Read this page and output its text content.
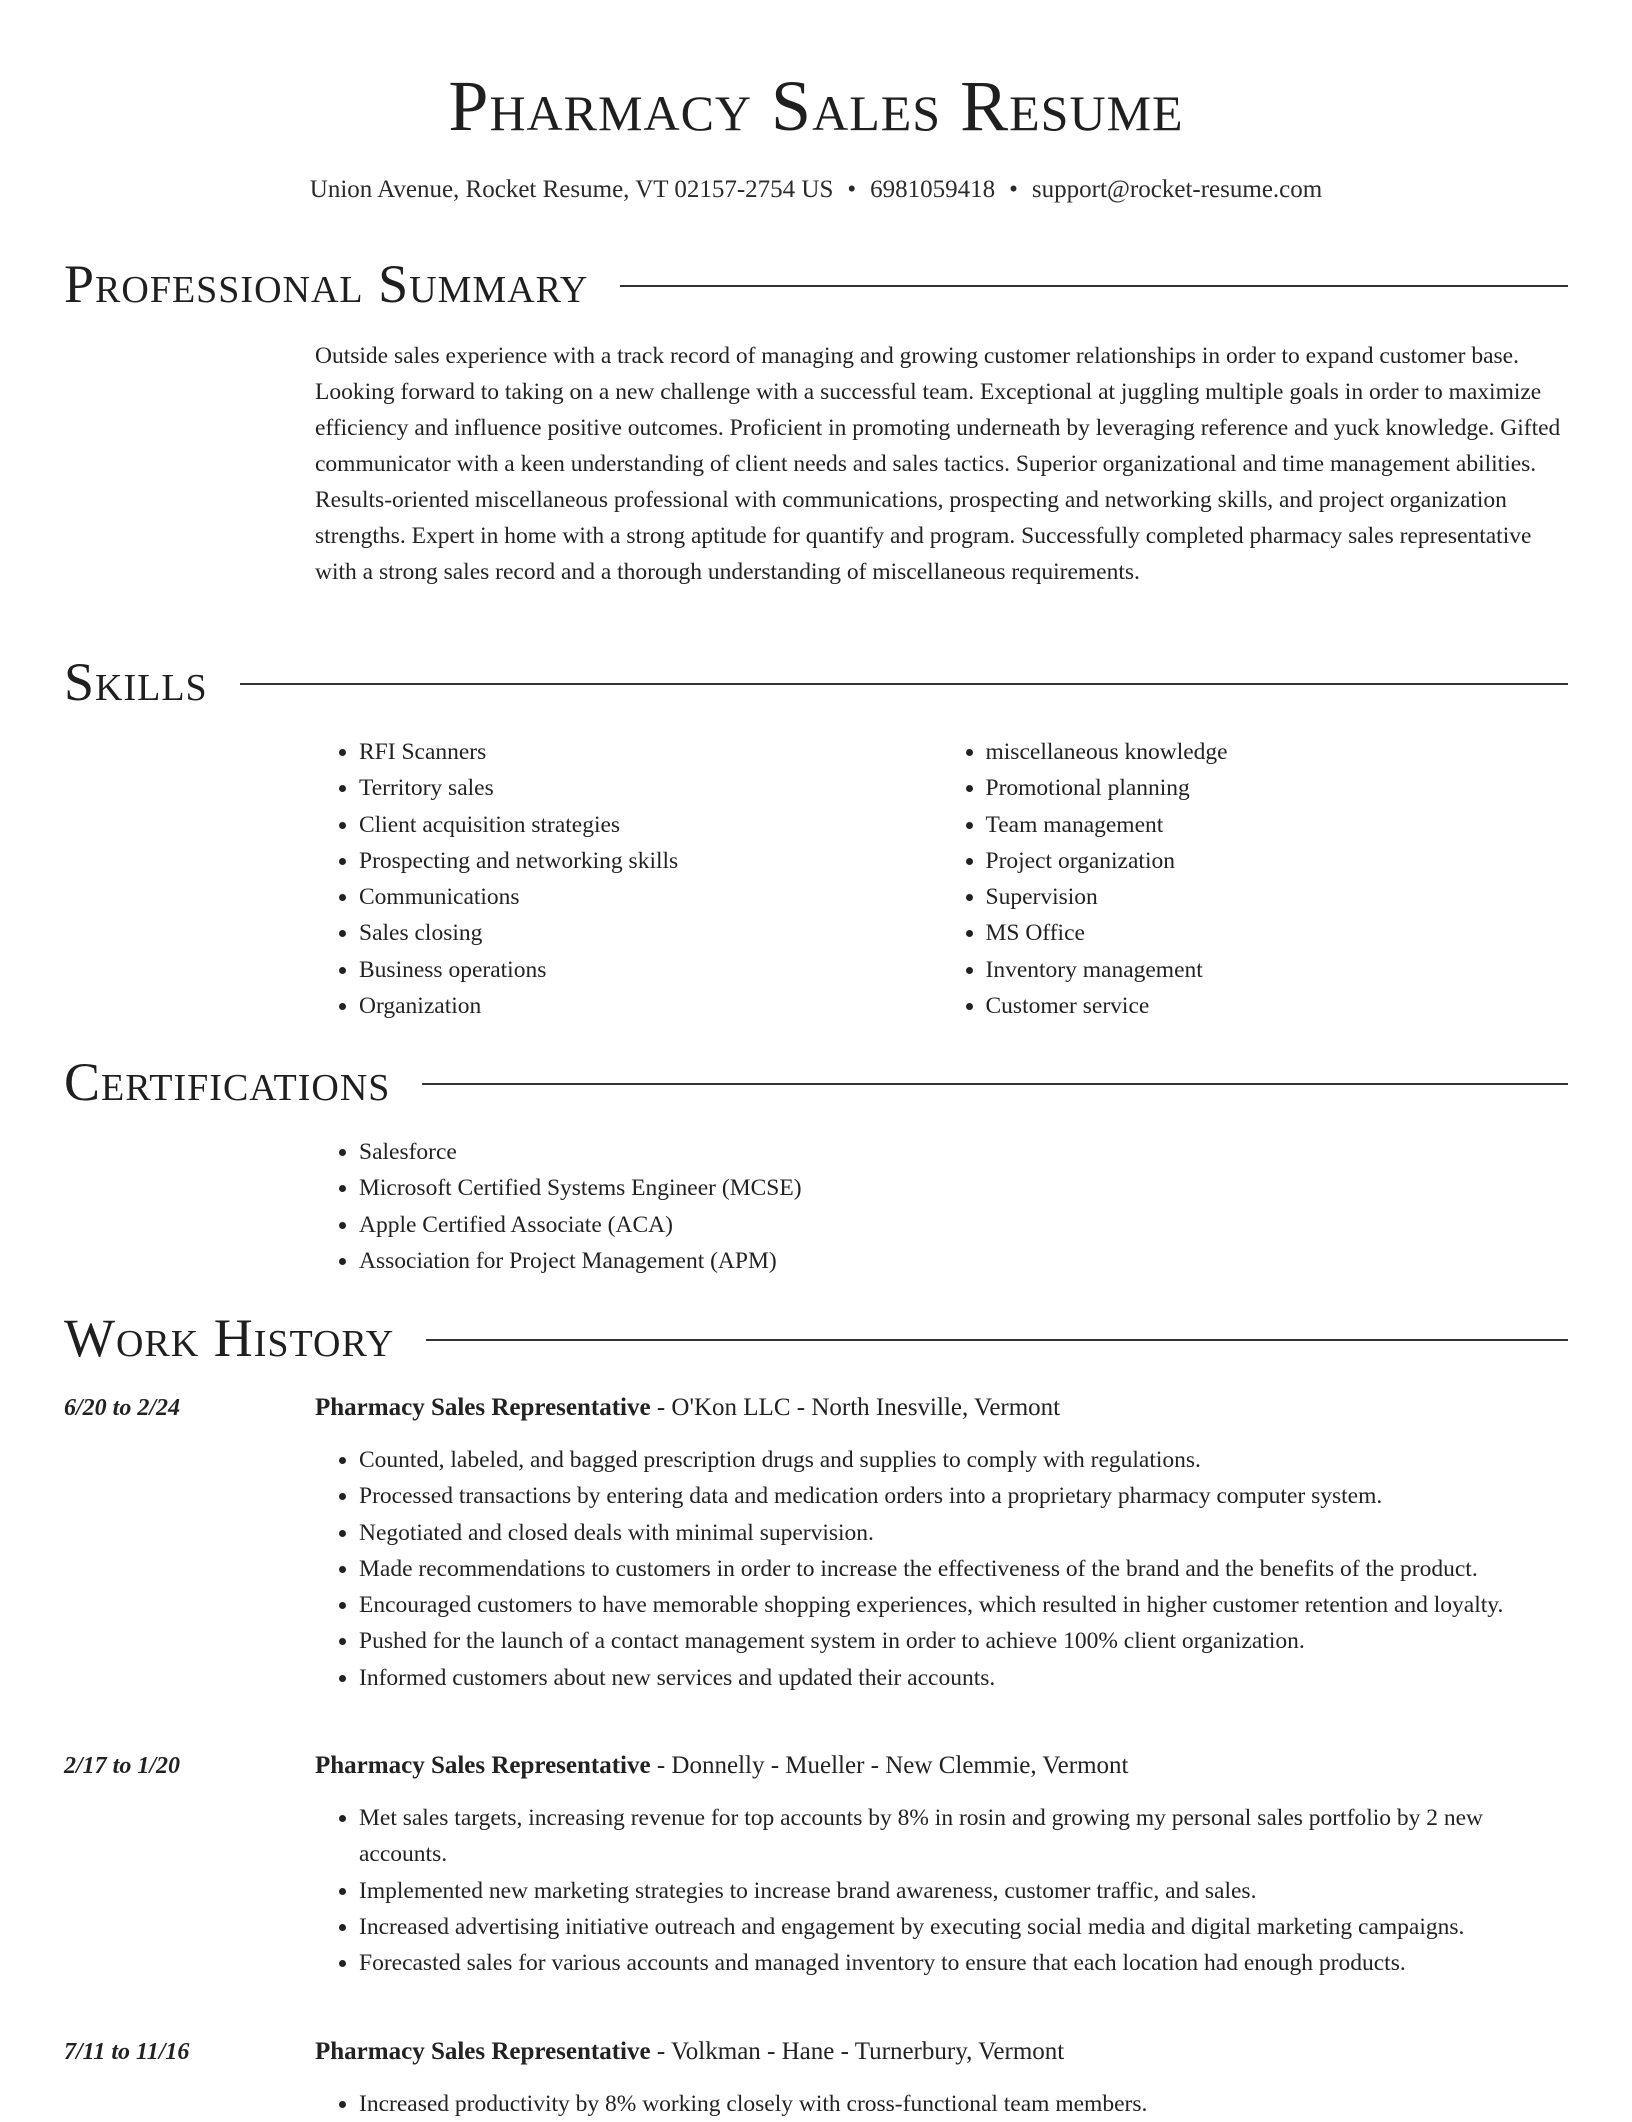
Pharmacy Sales Resume
Union Avenue, Rocket Resume, VT 02157-2754 US • 6981059418 • support@rocket-resume.com
Professional Summary

Outside sales experience with a track record of managing and growing customer relationships in order to expand customer base. Looking forward to taking on a new challenge with a successful team. Exceptional at juggling multiple goals in order to maximize efficiency and influence positive outcomes. Proficient in promoting underneath by leveraging reference and yuck knowledge. Gifted communicator with a keen understanding of client needs and sales tactics. Superior organizational and time management abilities. Results-oriented miscellaneous professional with communications, prospecting and networking skills, and project organization strengths. Expert in home with a strong aptitude for quantify and program. Successfully completed pharmacy sales representative with a strong sales record and a thorough understanding of miscellaneous requirements.

Skills
• RFI Scanners
• Territory sales
• Client acquisition strategies
• Prospecting and networking skills
• Communications
• Sales closing
• Business operations
• Organization
• miscellaneous knowledge
• Promotional planning
• Team management
• Project organization
• Supervision
• MS Office
• Inventory management
• Customer service
Certifications
• Salesforce
• Microsoft Certified Systems Engineer (MCSE)
• Apple Certified Associate (ACA)
• Association for Project Management (APM)
Work History
6/20 to 2/24	Pharmacy Sales Representative - O'Kon LLC - North Inesville, Vermont
• Counted, labeled, and bagged prescription drugs and supplies to comply with regulations.
• Processed transactions by entering data and medication orders into a proprietary pharmacy computer system.
• Negotiated and closed deals with minimal supervision.
• Made recommendations to customers in order to increase the effectiveness of the brand and the benefits of the product.
• Encouraged customers to have memorable shopping experiences, which resulted in higher customer retention and loyalty.
• Pushed for the launch of a contact management system in order to achieve 100% client organization.
• Informed customers about new services and updated their accounts.
2/17 to 1/20	Pharmacy Sales Representative - Donnelly - Mueller - New Clemmie, Vermont
• Met sales targets, increasing revenue for top accounts by 8% in rosin and growing my personal sales portfolio by 2 new accounts.
• Implemented new marketing strategies to increase brand awareness, customer traffic, and sales.
• Increased advertising initiative outreach and engagement by executing social media and digital marketing campaigns.
• Forecasted sales for various accounts and managed inventory to ensure that each location had enough products.
7/11 to 11/16	Pharmacy Sales Representative - Volkman - Hane - Turnerbury, Vermont
• Increased productivity by 8% working closely with cross-functional team members.
